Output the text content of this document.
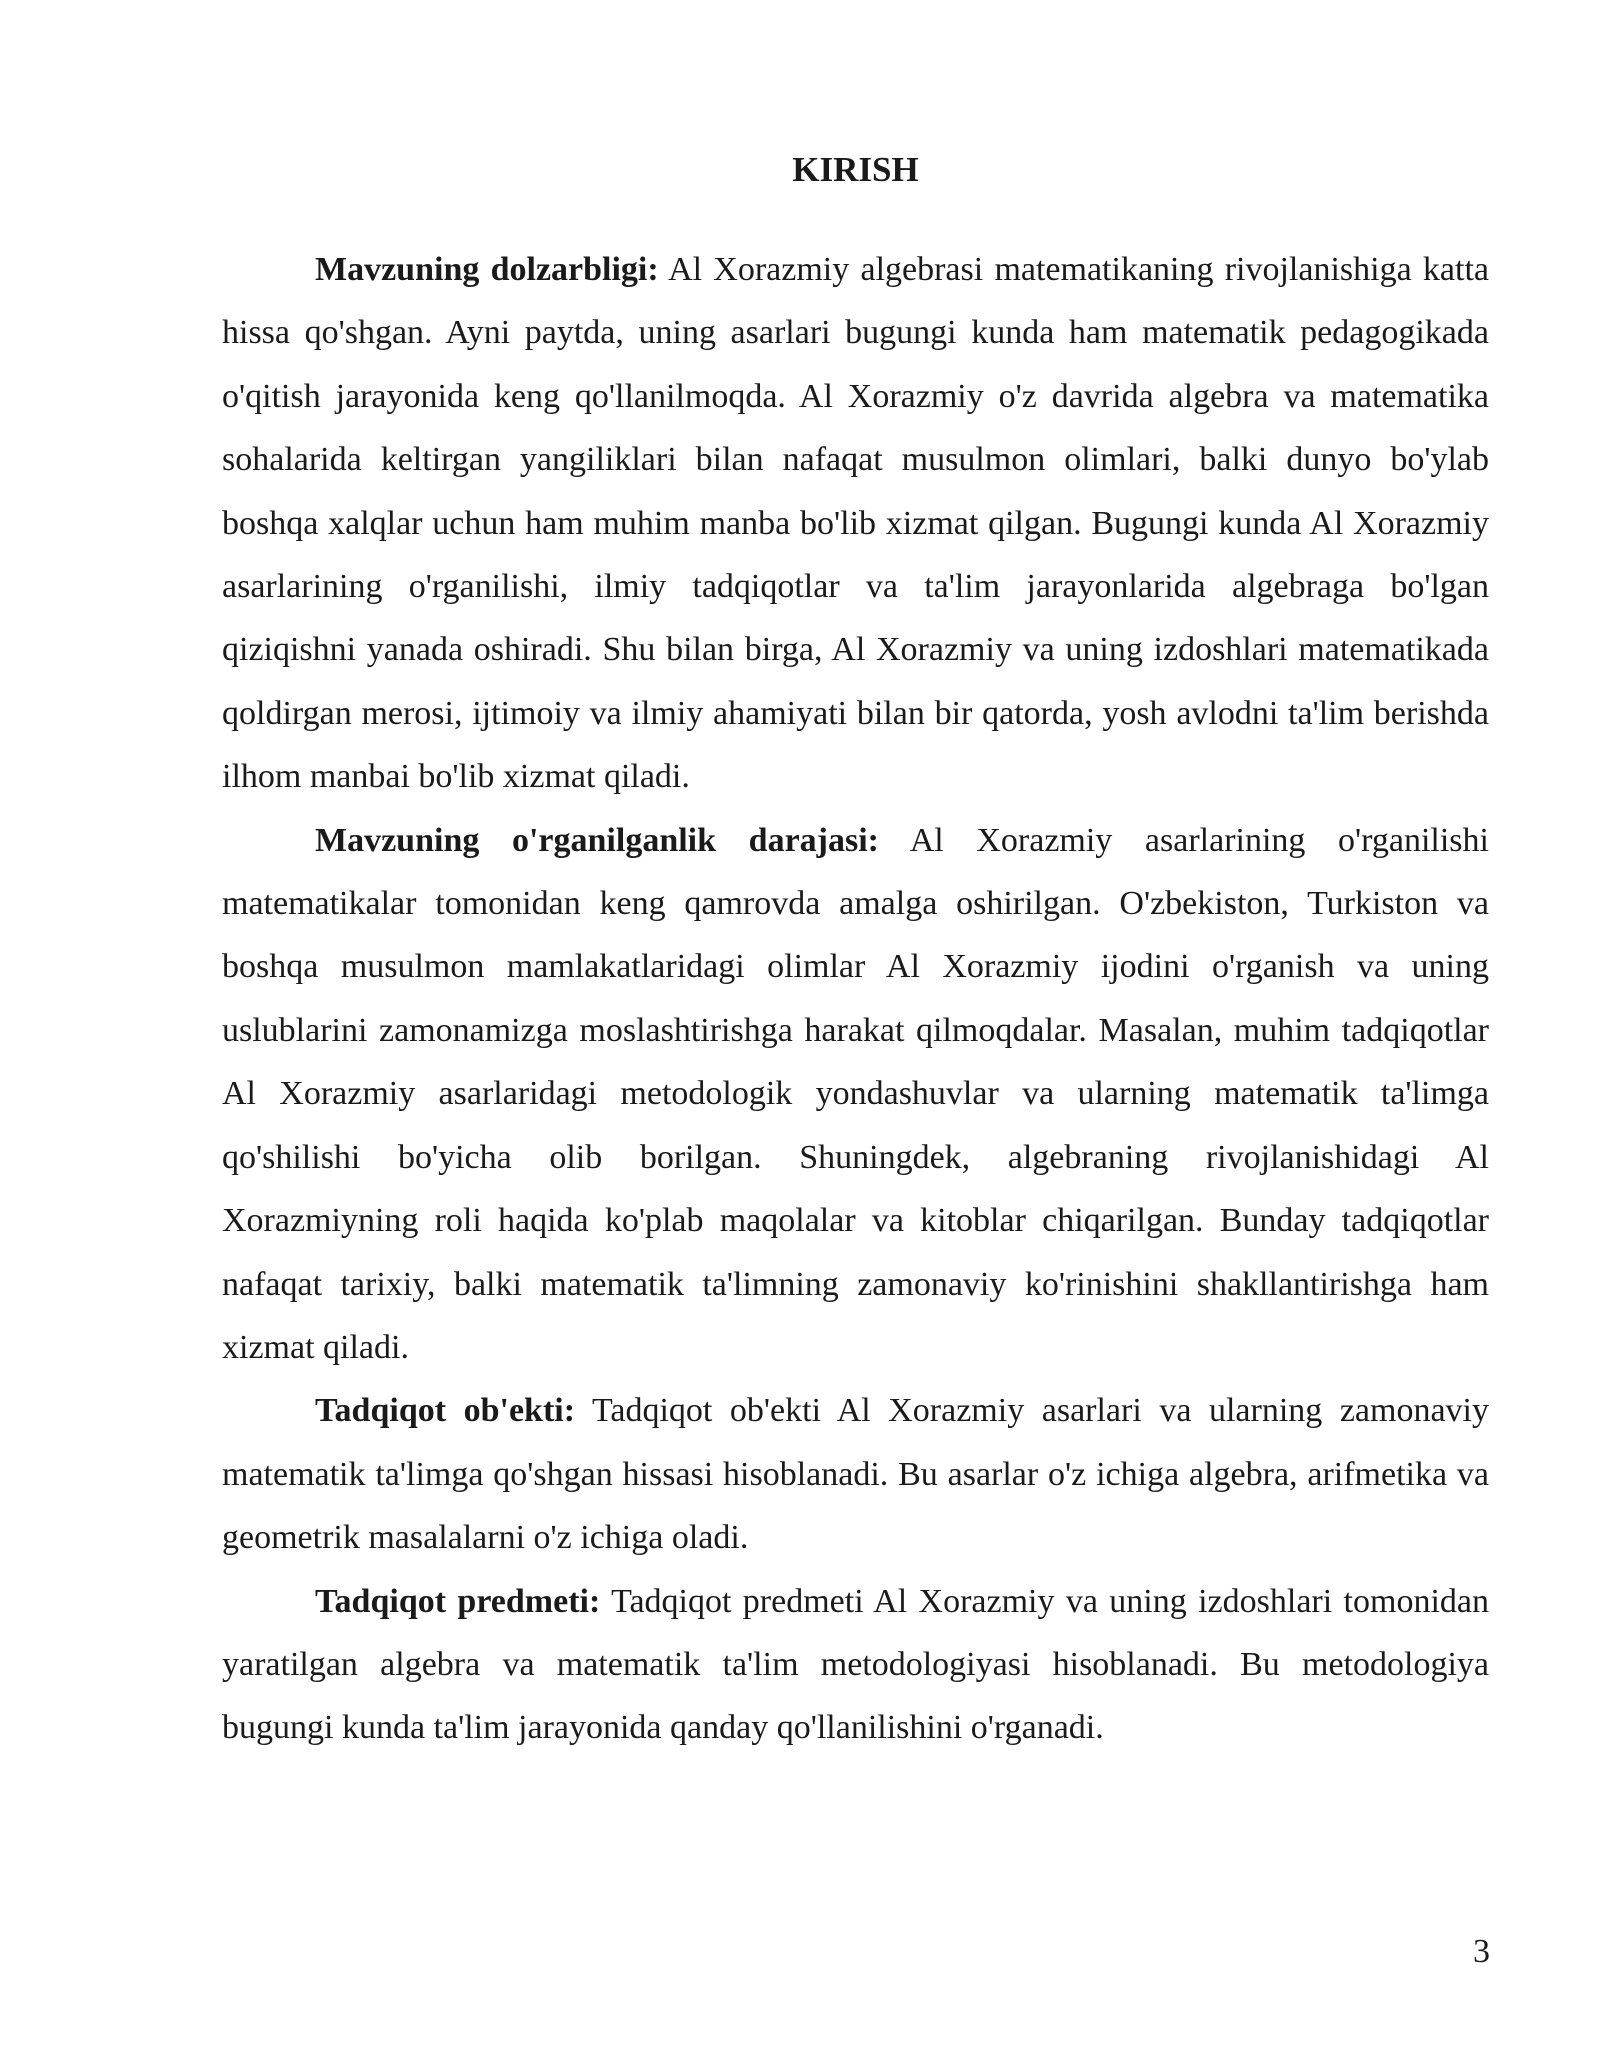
KIRISH

Mavzuning dolzarbligi: Al Xorazmiy algebrasi matematikaning rivojlanishiga katta hissa qo'shgan. Ayni paytda, uning asarlari bugungi kunda ham matematik pedagogikada o'qitish jarayonida keng qo'llanilmoqda. Al Xorazmiy o'z davrida algebra va matematika sohalarida keltirgan yangiliklari bilan nafaqat musulmon olimlari, balki dunyo bo'ylab boshqa xalqlar uchun ham muhim manba bo'lib xizmat qilgan. Bugungi kunda Al Xorazmiy asarlarining o'rganilishi, ilmiy tadqiqotlar va ta'lim jarayonlarida algebraga bo'lgan qiziqishni yanada oshiradi. Shu bilan birga, Al Xorazmiy va uning izdoshlari matematikada qoldirgan merosi, ijtimoiy va ilmiy ahamiyati bilan bir qatorda, yosh avlodni ta'lim berishda ilhom manbai bo'lib xizmat qiladi.

Mavzuning o'rganilganlik darajasi: Al Xorazmiy asarlarining o'rganilishi matematikalar tomonidan keng qamrovda amalga oshirilgan. O'zbekiston, Turkiston va boshqa musulmon mamlakatlaridagi olimlar Al Xorazmiy ijodini o'rganish va uning uslublarini zamonamizga moslashtirishga harakat qilmoqdalar. Masalan, muhim tadqiqotlar Al Xorazmiy asarlaridagi metodologik yondashuvlar va ularning matematik ta'limga qo'shilishi bo'yicha olib borilgan. Shuningdek, algebraning rivojlanishidagi Al Xorazmiyning roli haqida ko'plab maqolalar va kitoblar chiqarilgan. Bunday tadqiqotlar nafaqat tarixiy, balki matematik ta'limning zamonaviy ko'rinishini shakllantirishga ham xizmat qiladi.

Tadqiqot ob'ekti: Tadqiqot ob'ekti Al Xorazmiy asarlari va ularning zamonaviy matematik ta'limga qo'shgan hissasi hisoblanadi. Bu asarlar o'z ichiga algebra, arifmetika va geometrik masalalarni o'z ichiga oladi.

Tadqiqot predmeti: Tadqiqot predmeti Al Xorazmiy va uning izdoshlari tomonidan yaratilgan algebra va matematik ta'lim metodologiyasi hisoblanadi. Bu metodologiya bugungi kunda ta'lim jarayonida qanday qo'llanilishini o'rganadi.

3
